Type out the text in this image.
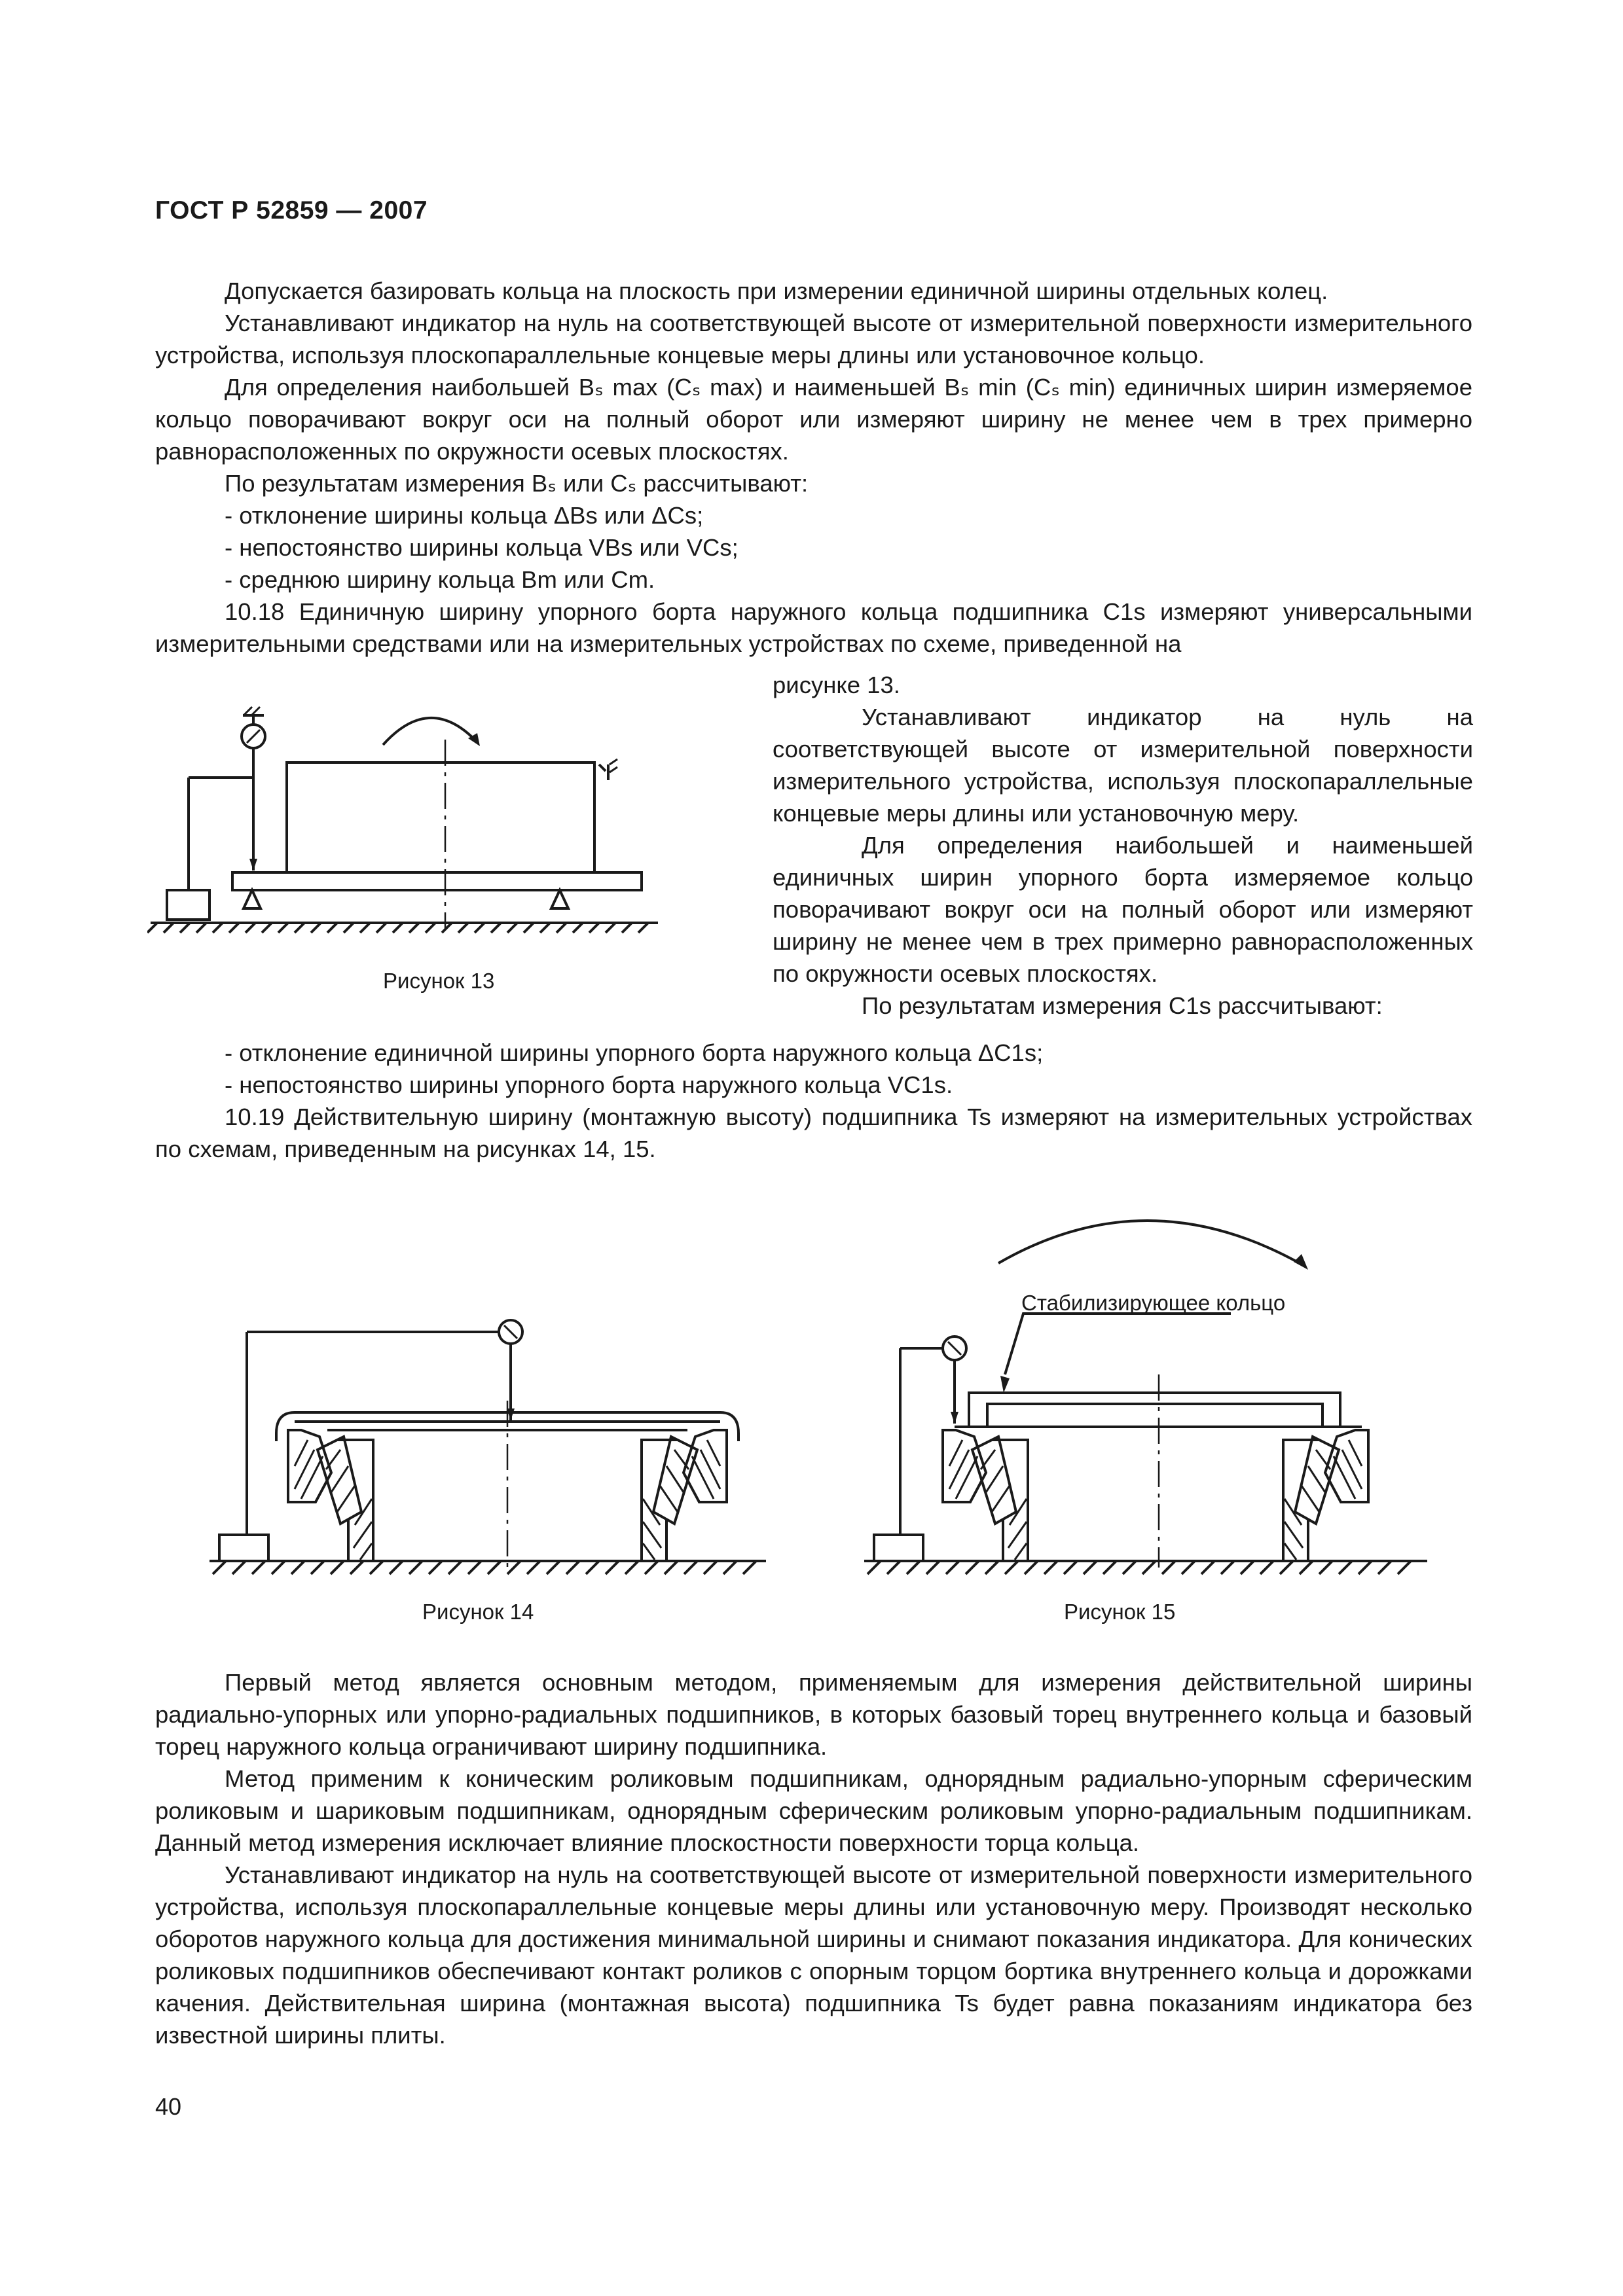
ГОСТ Р 52859 — 2007

Допускается базировать кольца на плоскость при измерении единичной ширины отдельных колец.

Устанавливают индикатор на нуль на соответствующей высоте от измерительной поверхности измерительного устройства, используя плоскопараллельные концевые меры длины или установочное кольцо.

Для определения наибольшей Bₛ max (Cₛ max) и наименьшей Bₛ min (Cₛ min) единичных ширин измеряемое кольцо поворачивают вокруг оси на полный оборот или измеряют ширину не менее чем в трех примерно равнорасположенных по окружности осевых плоскостях.

По результатам измерения Bₛ или Cₛ рассчитывают:

- отклонение ширины кольца ΔBs или ΔCs;

- непостоянство ширины кольца VBs или VCs;

- среднюю ширину кольца Bm или Cm.

10.18 Единичную ширину упорного борта наружного кольца подшипника C1s измеряют универсальными измерительными средствами или на измерительных устройствах по схеме, приведенной на

рисунке 13.

Устанавливают индикатор на нуль на соответствующей высоте от измерительной поверхности измерительного устройства, используя плоскопараллельные концевые меры длины или установочную меру.

Для определения наибольшей и наименьшей единичных ширин упорного борта измеряемое кольцо поворачивают вокруг оси на полный оборот или измеряют ширину не менее чем в трех примерно равнорасположенных по окружности осевых плоскостях.

По результатам измерения C1s рассчитывают:

Рисунок 13

- отклонение единичной ширины упорного борта наружного кольца ΔC1s;

- непостоянство ширины упорного борта наружного кольца VC1s.

10.19 Действительную ширину (монтажную высоту) подшипника Ts измеряют на измерительных устройствах по схемам, приведенным на рисунках 14, 15.

Рисунок 14
Стабилизирующее кольцо
Рисунок 15

Первый метод является основным методом, применяемым для измерения действительной ширины радиально-упорных или упорно-радиальных подшипников, в которых базовый торец внутреннего кольца и базовый торец наружного кольца ограничивают ширину подшипника.

Метод применим к коническим роликовым подшипникам, однорядным радиально-упорным сферическим роликовым и шариковым подшипникам, однорядным сферическим роликовым упорно-радиальным подшипникам. Данный метод измерения исключает влияние плоскостности поверхности торца кольца.

Устанавливают индикатор на нуль на соответствующей высоте от измерительной поверхности измерительного устройства, используя плоскопараллельные концевые меры длины или установочную меру. Производят несколько оборотов наружного кольца для достижения минимальной ширины и снимают показания индикатора. Для конических роликовых подшипников обеспечивают контакт роликов с опорным торцом бортика внутреннего кольца и дорожками качения. Действительная ширина (монтажная высота) подшипника Ts будет равна показаниям индикатора без известной ширины плиты.

40
